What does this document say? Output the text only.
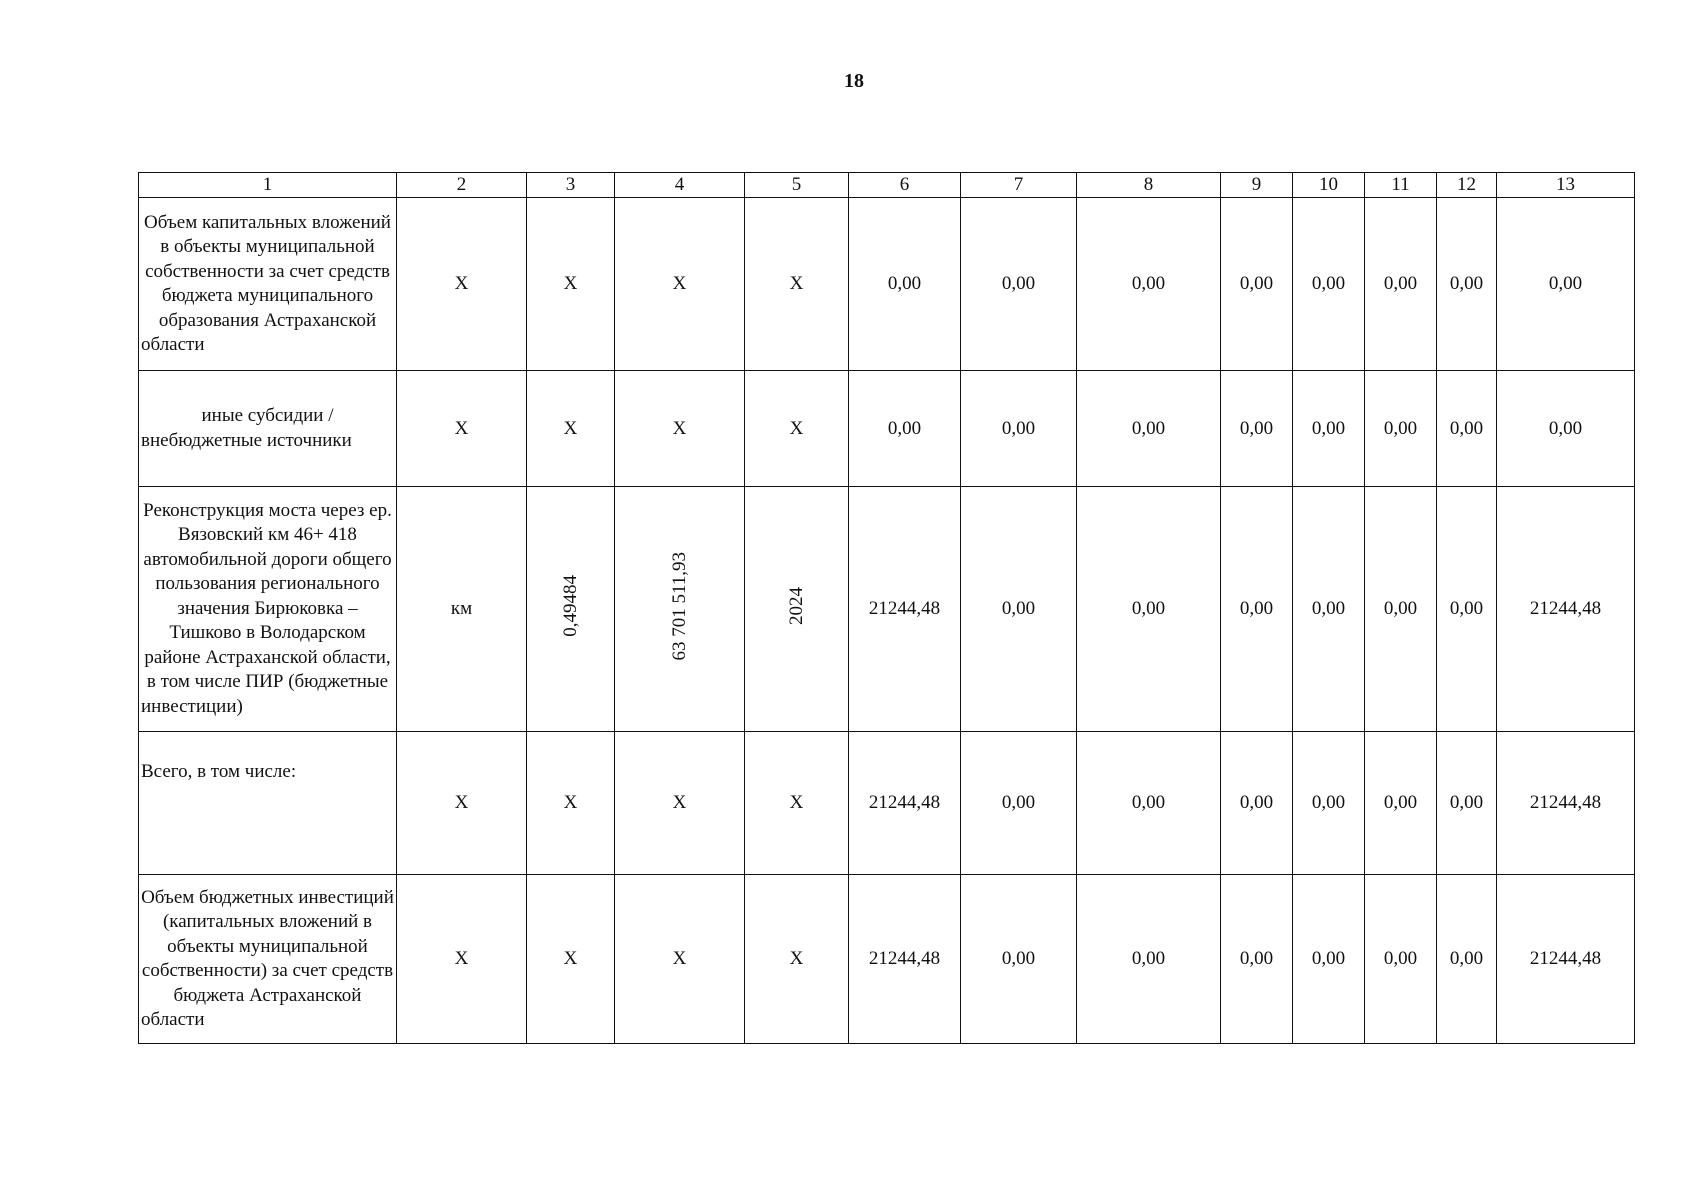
18
1	2	3	4	5	6	7	8	9	10	11	12	13
Объем капитальных вложений в объекты муниципальной собственности за счет средств бюджета муниципального образования Астраханской области	X	X	X	X	0,00	0,00	0,00	0,00	0,00	0,00	0,00	0,00
иные субсидии / внебюджетные источники	X	X	X	X	0,00	0,00	0,00	0,00	0,00	0,00	0,00	0,00
Реконструкция моста через ер. Вязовский км 46+ 418 автомобильной дороги общего пользования регионального значения Бирюковка – Тишково в Володарском районе Астраханской области, в том числе ПИР (бюджетные инвестиции)	км	0,49484	63 701 511,93	2024	21244,48	0,00	0,00	0,00	0,00	0,00	0,00	21244,48
Всего, в том числе:	X	X	X	X	21244,48	0,00	0,00	0,00	0,00	0,00	0,00	21244,48
Объем бюджетных инвестиций (капитальных вложений в объекты муниципальной собственности) за счет средств бюджета Астраханской области	X	X	X	X	21244,48	0,00	0,00	0,00	0,00	0,00	0,00	21244,48
